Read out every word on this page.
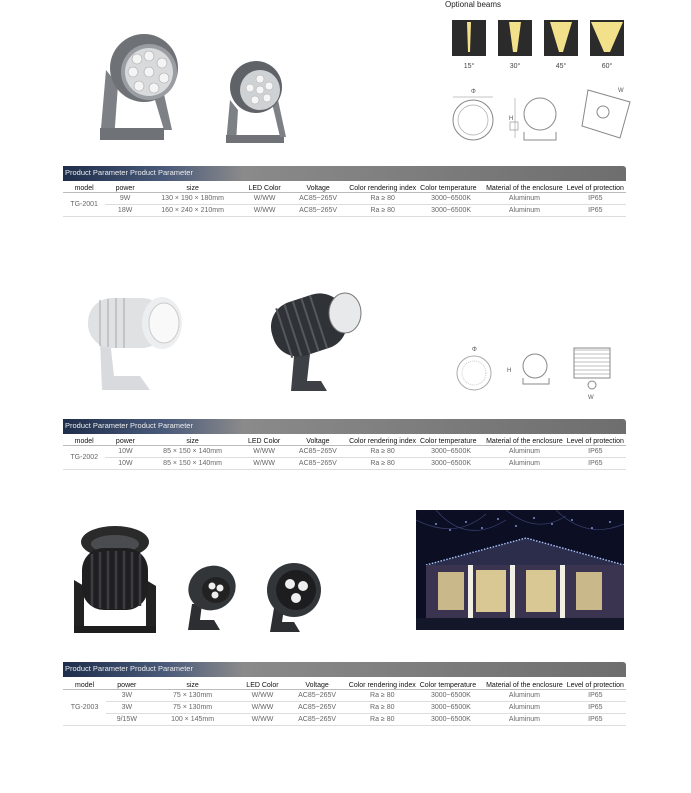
Optional beams
15°	30°	45°	60°
Φ
H
W
Product Parameter Product Parameter
model	power	size	LED Color	Voltage	Color rendering index	Color temperature	Material of the enclosure	Level of protection
TG-2001	9W	130 × 190 × 180mm	W/WW	AC85~265V	Ra ≥ 80	3000~6500K	Aluminum	IP65
	18W	160 × 240 × 210mm	W/WW	AC85~265V	Ra ≥ 80	3000~6500K	Aluminum	IP65
Φ
H
W
Product Parameter Product Parameter
model	power	size	LED Color	Voltage	Color rendering index	Color temperature	Material of the enclosure	Level of protection
TG-2002	10W	85 × 150 × 140mm	W/WW	AC85~265V	Ra ≥ 80	3000~6500K	Aluminum	IP65
	10W	85 × 150 × 140mm	W/WW	AC85~265V	Ra ≥ 80	3000~6500K	Aluminum	IP65
Product Parameter Product Parameter
model	power	size	LED Color	Voltage	Color rendering index	Color temperature	Material of the enclosure	Level of protection
TG-2003	3W	75 × 130mm	W/WW	AC85~265V	Ra ≥ 80	3000~6500K	Aluminum	IP65
	3W	75 × 130mm	W/WW	AC85~265V	Ra ≥ 80	3000~6500K	Aluminum	IP65
	9/15W	100 × 145mm	W/WW	AC85~265V	Ra ≥ 80	3000~6500K	Aluminum	IP65
